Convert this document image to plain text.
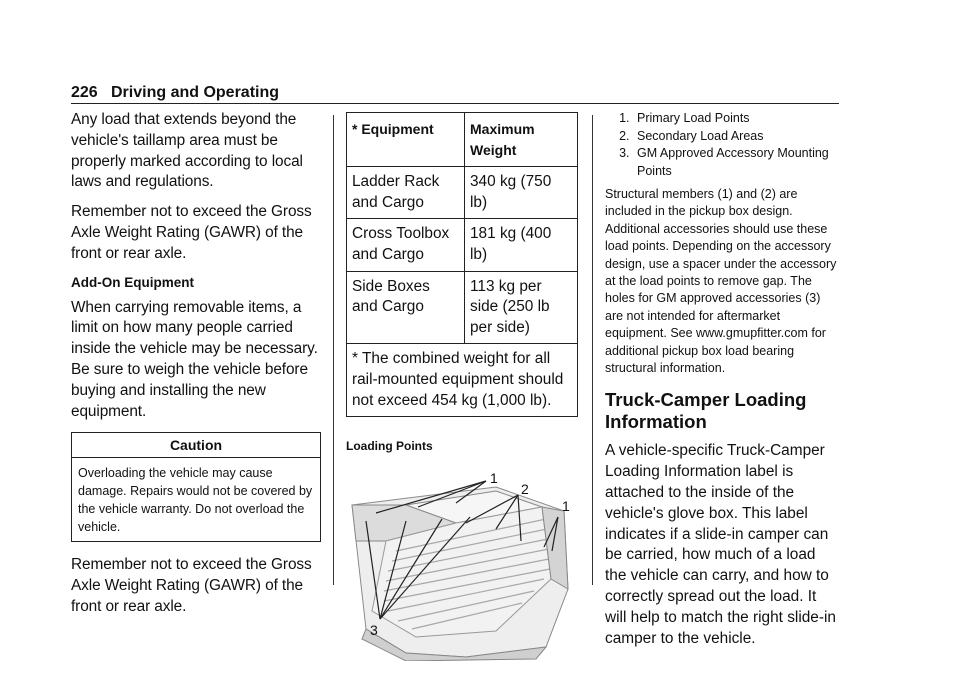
226 Driving and Operating

Any load that extends beyond the vehicle's taillamp area must be properly marked according to local laws and regulations.

Remember not to exceed the Gross Axle Weight Rating (GAWR) of the front or rear axle.

Add-On Equipment

When carrying removable items, a limit on how many people carried inside the vehicle may be necessary. Be sure to weigh the vehicle before buying and installing the new equipment.

Caution
Overloading the vehicle may cause damage. Repairs would not be covered by the vehicle warranty. Do not overload the vehicle.

Remember not to exceed the Gross Axle Weight Rating (GAWR) of the front or rear axle.

* Equipment	Maximum Weight
Ladder Rack and Cargo	340 kg (750 lb)
Cross Toolbox and Cargo	181 kg (400 lb)
Side Boxes and Cargo	113 kg per side (250 lb per side)
* The combined weight for all rail-mounted equipment should not exceed 454 kg (1,000 lb).	
Loading Points
1
2
1
3
1. Primary Load Points
2. Secondary Load Areas
3. GM Approved Accessory Mounting Points

Structural members (1) and (2) are included in the pickup box design. Additional accessories should use these load points. Depending on the accessory design, use a spacer under the accessory at the load points to remove gap. The holes for GM approved accessories (3) are not intended for aftermarket equipment. See www.gmupfitter.com for additional pickup box load bearing structural information.

Truck-Camper Loading Information

A vehicle-specific Truck-Camper Loading Information label is attached to the inside of the vehicle's glove box. This label indicates if a slide-in camper can be carried, how much of a load the vehicle can carry, and how to correctly spread out the load. It will help to match the right slide-in camper to the vehicle.
